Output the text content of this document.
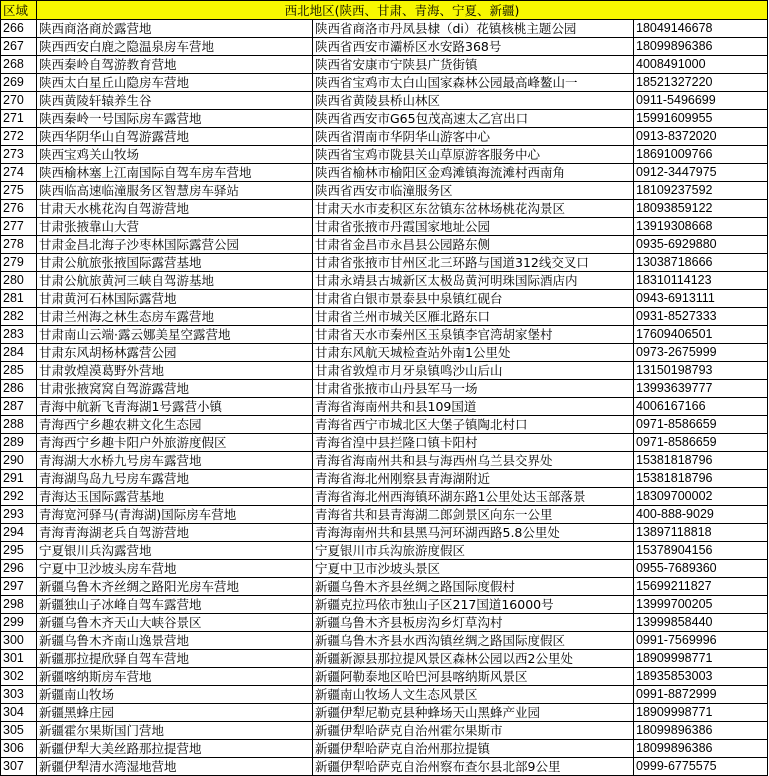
区域	西北地区(陕西、甘肃、青海、宁夏、新疆)		
266	陕西商洛商於露营地	陕西省商洛市丹凤县棣（di）花镇核桃主题公园	18049146678
267	陕西西安白鹿之隐温泉房车营地	陕西省西安市灞桥区水安路368号	18099896386
268	陕西秦岭自驾游教育营地	陕西省安康市宁陕县广货街镇	4008491000
269	陕西太白星丘山隐房车营地	陕西省宝鸡市太白山国家森林公园最高峰鳌山一	18521327220
270	陕西黄陵轩辕养生谷	陕西省黄陵县桥山林区	0911-5496699
271	陕西秦岭一号国际房车露营地	陕西省西安市G65包茂高速太乙宫出口	15991609955
272	陕西华阴华山自驾游露营地	陕西省渭南市华阴华山游客中心	0913-8372020
273	陕西宝鸡关山牧场	陕西省宝鸡市陇县关山草原游客服务中心	18691009766
274	陕西榆林塞上江南国际自驾车房车营地	陕西省榆林市榆阳区金鸡滩镇海流滩村西南角	0912-3447975
275	陕西临高速临潼服务区智慧房车驿站	陕西省西安市临潼服务区	18109237592
276	甘肃天水桃花沟自驾游营地	甘肃天水市麦积区东岔镇东岔林场桃花沟景区	18093859122
277	甘肃张掖靠山大营	甘肃省张掖市丹霞国家地址公园	13919308668
278	甘肃金昌北海子沙枣林国际露营公园	甘肃省金昌市永昌县公园路东侧	0935-6929880
279	甘肃公航旅张掖国际露营基地	甘肃省张掖市甘州区北三环路与国道312线交叉口	13038718666
280	甘肃公航旅黄河三峡自驾游基地	甘肃永靖县古城新区太极岛黄河明珠国际酒店内	18310114123
281	甘肃黄河石林国际露营地	甘肃省白银市景泰县中泉镇红砚台	0943-6913111
282	甘肃兰州海之林生态房车露营地	甘肃省兰州市城关区雁北路东口	0931-8527333
283	甘肃南山云端·露云娜美星空露营地	甘肃省天水市秦州区玉泉镇李官湾胡家堡村	17609406501
284	甘肃东风胡杨林露营公园	甘肃东风航天城检查站外南1公里处	0973-2675999
285	甘肃敦煌漠葛野外营地	甘肃省敦煌市月牙泉镇鸣沙山后山	13150198793
286	甘肃张掖窝窝自驾游露营地	甘肃省张掖市山丹县军马一场	13993639777
287	青海中航新飞青海湖1号露营小镇	青海省海南州共和县109国道	4006167166
288	青海西宁乡趣农耕文化生态园	青海省西宁市城北区大堡子镇陶北村口	0971-8586659
289	青海西宁乡趣卡阳户外旅游度假区	青海省湟中县拦隆口镇卡阳村	0971-8586659
290	青海湖大水桥九号房车露营地	青海省海南州共和县与海西州乌兰县交界处	15381818796
291	青海湖鸟岛九号房车露营地	青海省海北州刚察县青海湖附近	15381818796
292	青海达玉国际露营基地	青海省海北州西海镇环湖东路1公里处达玉部落景	18309700002
293	青海宽河驿马(青海湖)国际房车营地	青海省共和县青海湖二郎剑景区向东一公里	400-888-9029
294	青海青海湖老兵自驾游营地	青海海南州共和县黑马河环湖西路5.8公里处	13897118818
295	宁夏银川兵沟露营地	宁夏银川市兵沟旅游度假区	15378904156
296	宁夏中卫沙坡头房车营地	宁夏中卫市沙坡头景区	0955-7689360
297	新疆乌鲁木齐丝绸之路阳光房车营地	新疆乌鲁木齐县丝绸之路国际度假村	15699211827
298	新疆独山子冰峰自驾车露营地	新疆克拉玛依市独山子区217国道16000号	13999700205
299	新疆乌鲁木齐天山大峡谷景区	新疆乌鲁木齐县板房沟乡灯草沟村	13999858440
300	新疆乌鲁木齐南山逸景营地	新疆乌鲁木齐县水西沟镇丝绸之路国际度假区	0991-7569996
301	新疆那拉提欣驿自驾车营地	新疆新源县那拉提风景区森林公园以西2公里处	18909998771
302	新疆喀纳斯房车营地	新疆阿勒泰地区哈巴河县喀纳斯风景区	18935853003
303	新疆南山牧场	新疆南山牧场人文生态风景区	0991-8872999
304	新疆黑蜂庄园	新疆伊犁尼勒克县种蜂场天山黑蜂产业园	18909998771
305	新疆霍尔果斯国门营地	新疆伊犁哈萨克自治州霍尔果斯市	18099896386
306	新疆伊犁大美丝路那拉提营地	新疆伊犁哈萨克自治州那拉提镇	18099896386
307	新疆伊犁清水湾湿地营地	新疆伊犁哈萨克自治州察布查尔县北部9公里	0999-6775575
